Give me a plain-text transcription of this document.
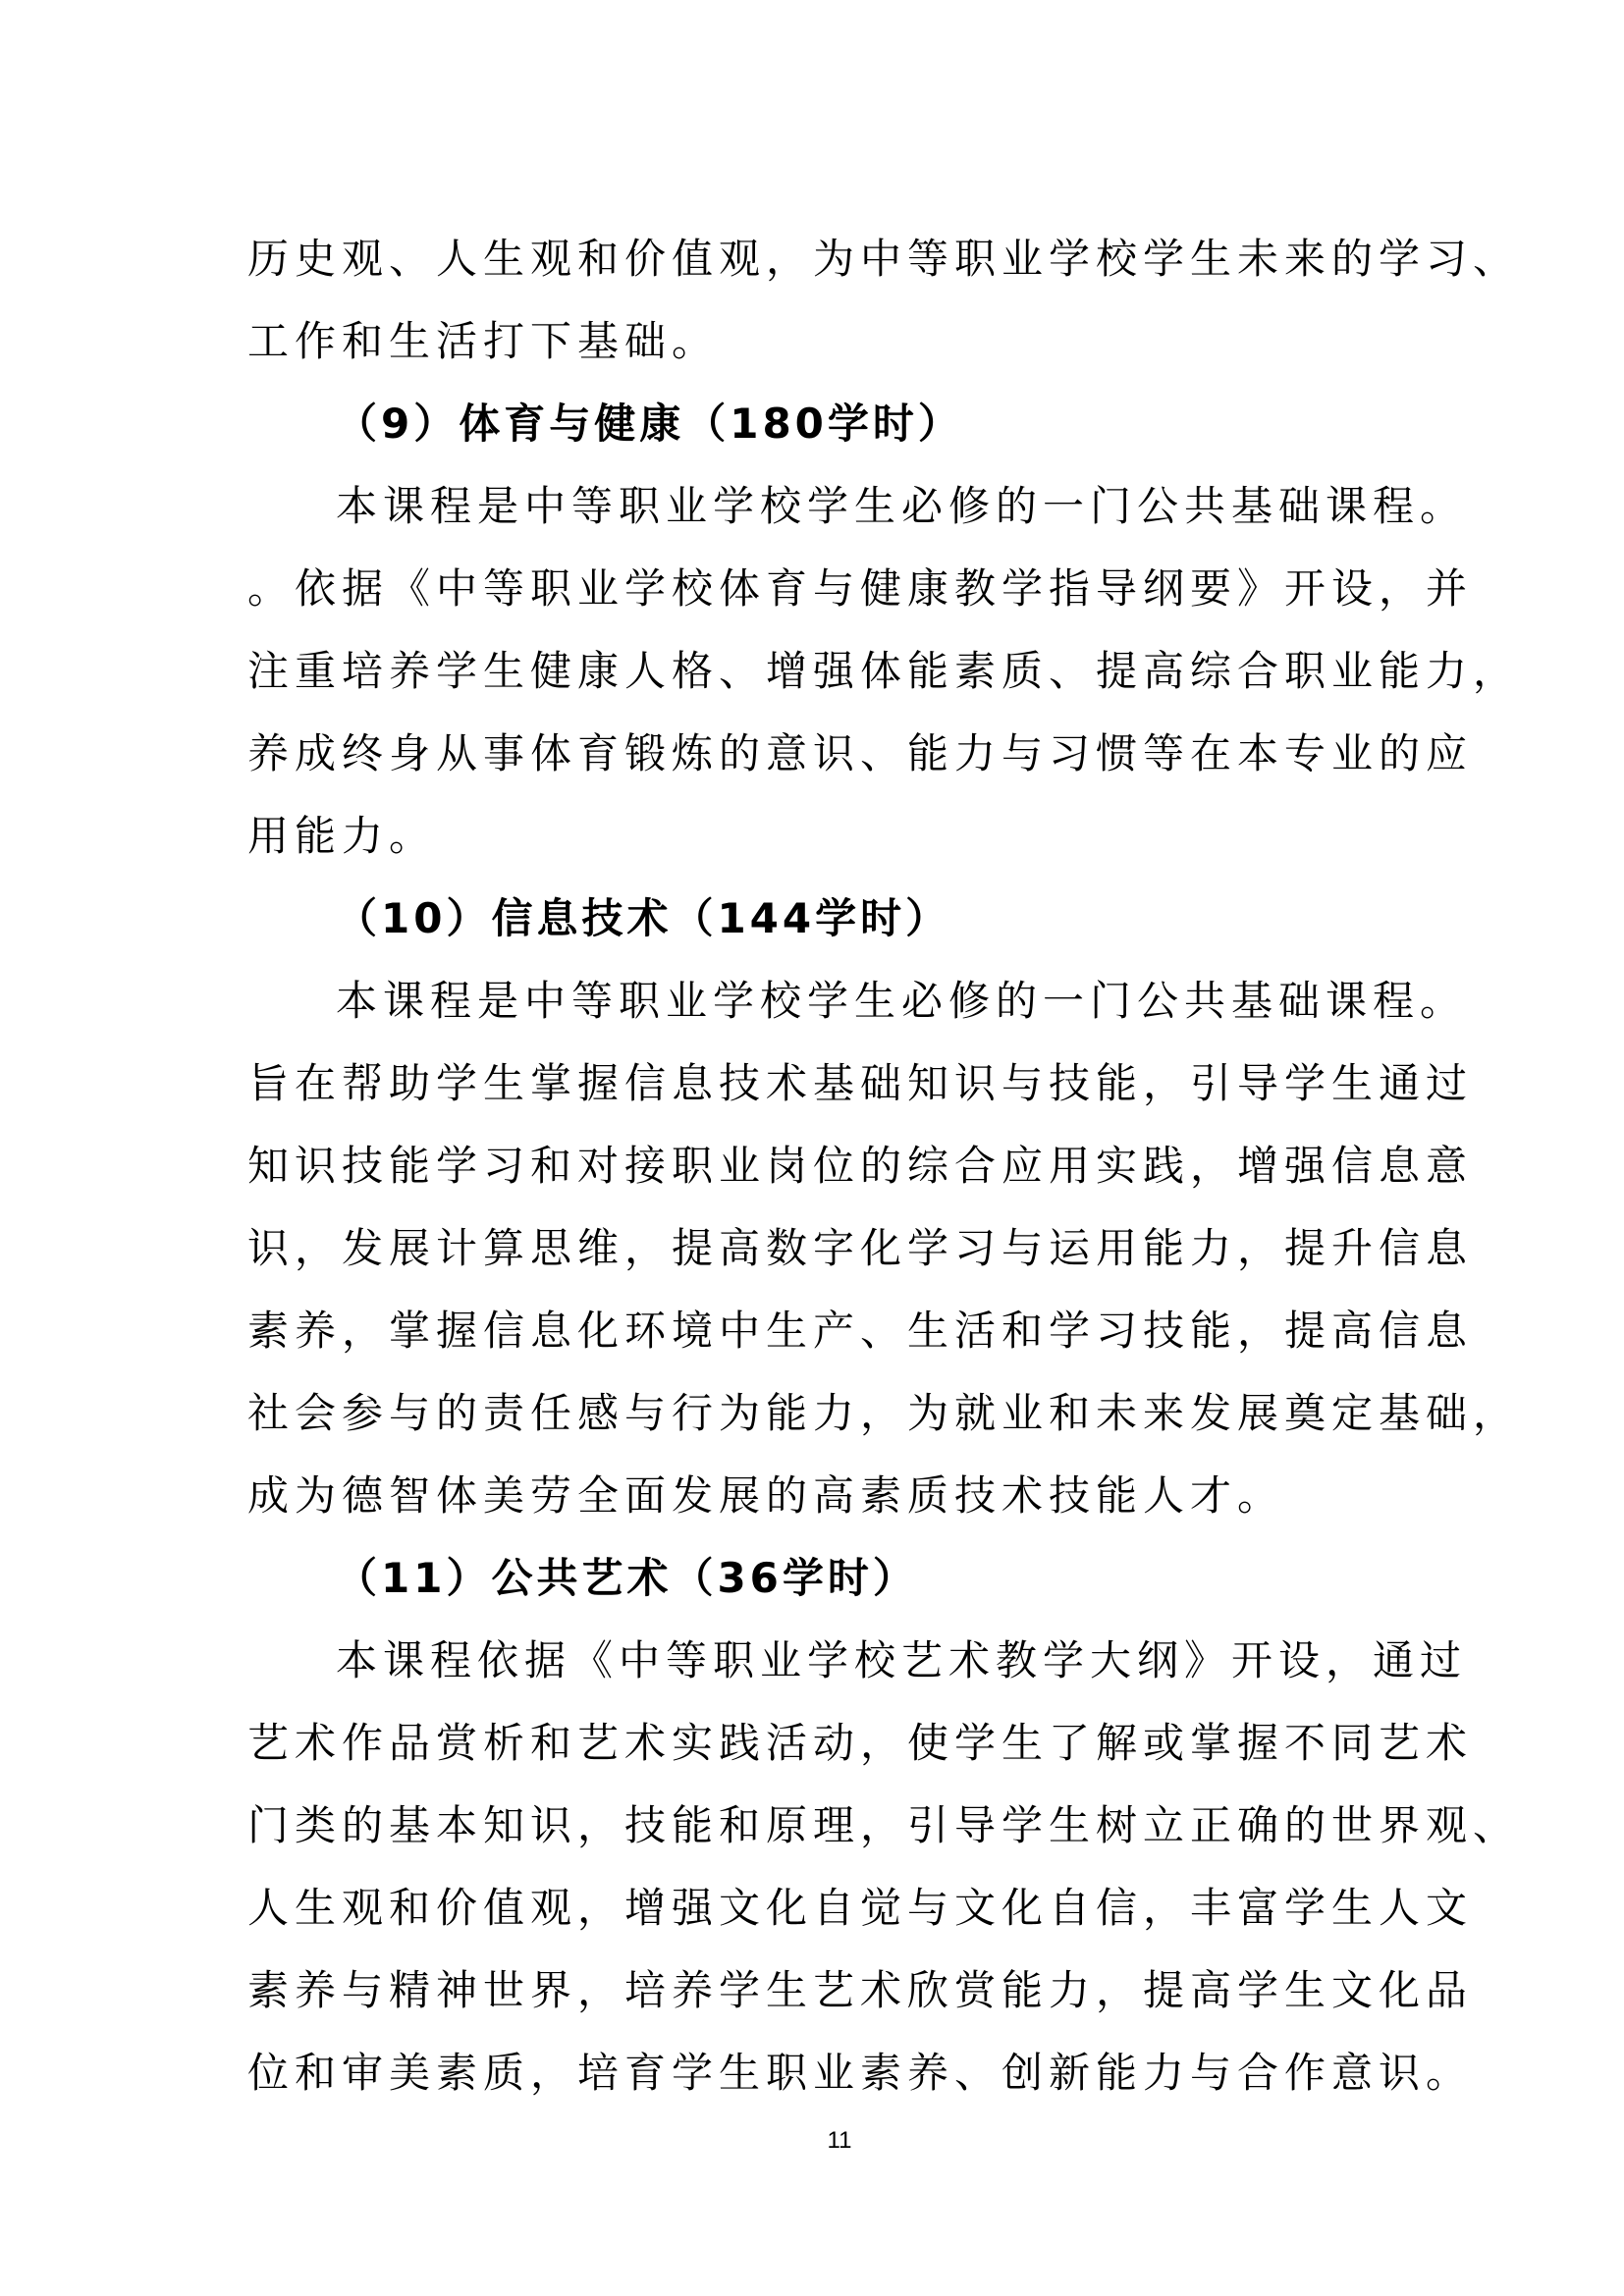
历史观、人生观和价值观，为中等职业学校学生未来的学习、
工作和生活打下基础。
（9）体育与健康（180学时）
本课程是中等职业学校学生必修的一门公共基础课程。
。依据《中等职业学校体育与健康教学指导纲要》开设，并
注重培养学生健康人格、增强体能素质、提高综合职业能力，
养成终身从事体育锻炼的意识、能力与习惯等在本专业的应
用能力。
（10）信息技术（144学时）
本课程是中等职业学校学生必修的一门公共基础课程。
旨在帮助学生掌握信息技术基础知识与技能，引导学生通过
知识技能学习和对接职业岗位的综合应用实践，增强信息意
识，发展计算思维，提高数字化学习与运用能力，提升信息
素养，掌握信息化环境中生产、生活和学习技能，提高信息
社会参与的责任感与行为能力，为就业和未来发展奠定基础，
成为德智体美劳全面发展的高素质技术技能人才。
（11）公共艺术（36学时）
本课程依据《中等职业学校艺术教学大纲》开设，通过
艺术作品赏析和艺术实践活动，使学生了解或掌握不同艺术
门类的基本知识，技能和原理，引导学生树立正确的世界观、
人生观和价值观，增强文化自觉与文化自信，丰富学生人文
素养与精神世界，培养学生艺术欣赏能力，提高学生文化品
位和审美素质，培育学生职业素养、创新能力与合作意识。
11
